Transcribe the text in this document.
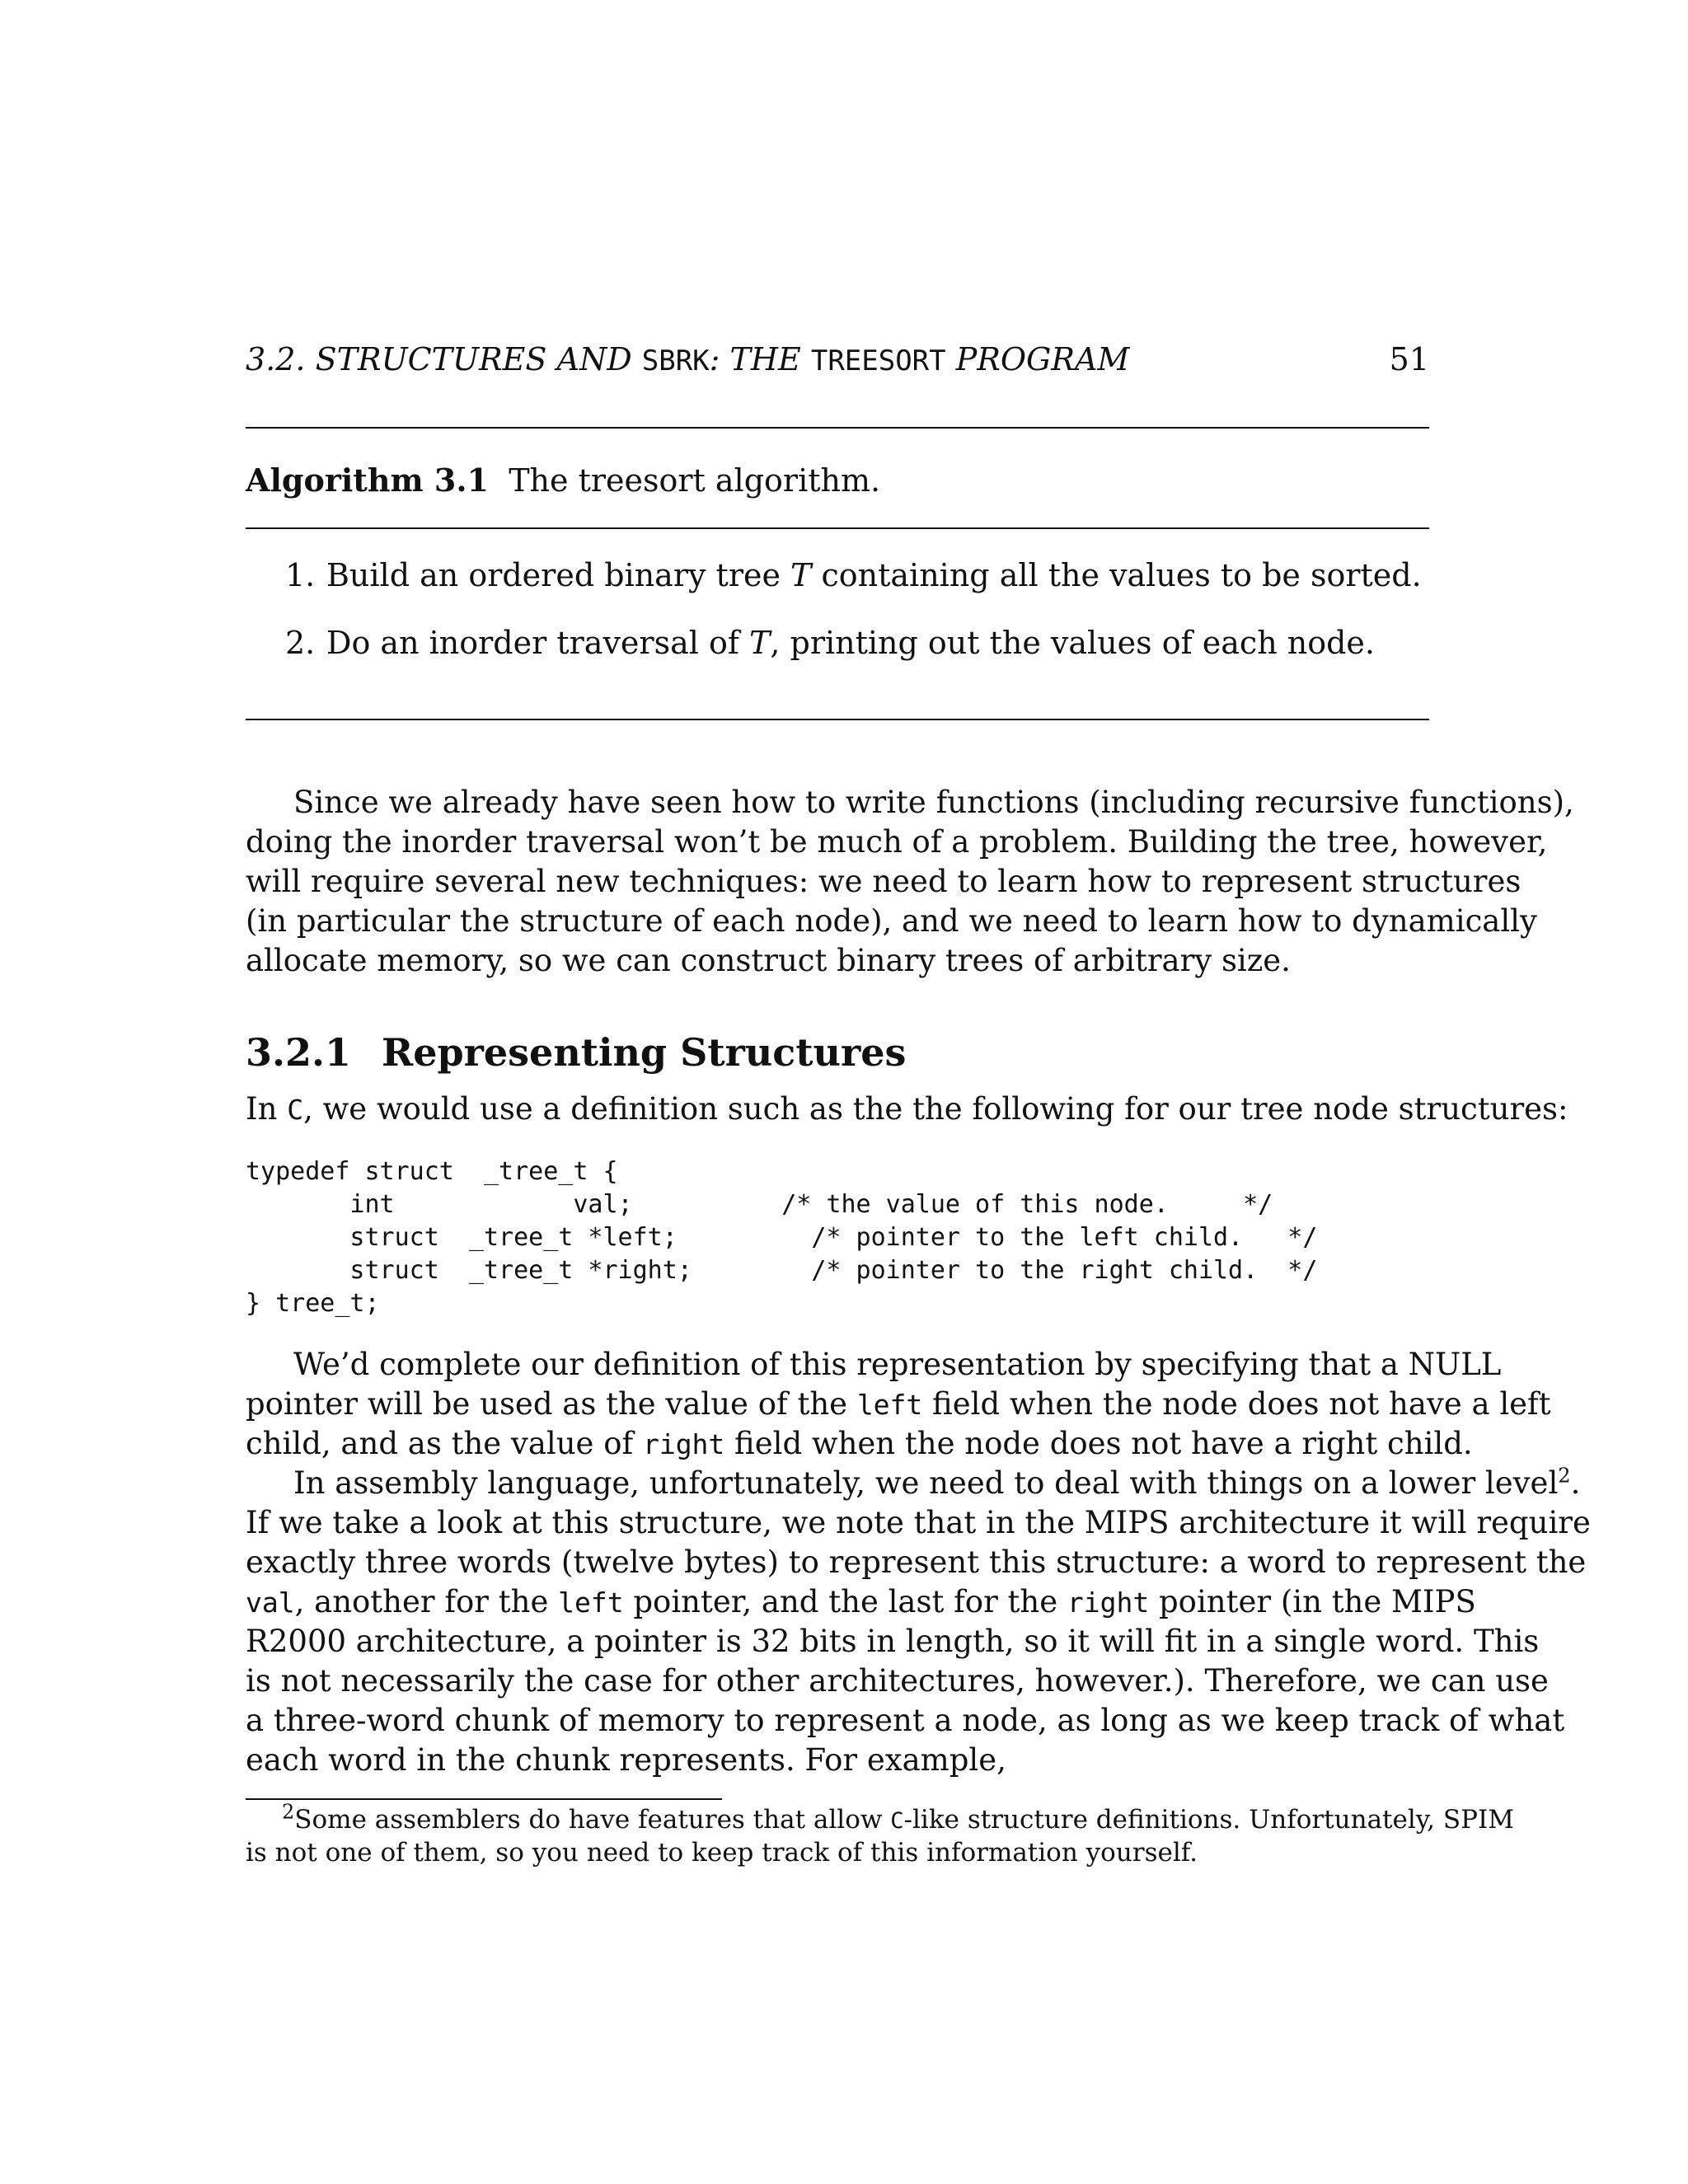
3.2. STRUCTURES AND SBRK: THE TREESORT PROGRAM	51
Algorithm 3.1 The treesort algorithm.
1. Build an ordered binary tree T containing all the values to be sorted.
2. Do an inorder traversal of T, printing out the values of each node.
Since we already have seen how to write functions (including recursive functions),
doing the inorder traversal won’t be much of a problem. Building the tree, however,
will require several new techniques: we need to learn how to represent structures
(in particular the structure of each node), and we need to learn how to dynamically
allocate memory, so we can construct binary trees of arbitrary size.
3.2.1 Representing Structures
In C, we would use a definition such as the the following for our tree node structures:
typedef struct  _tree_t {
int            val;          /* the value of this node.     */
struct  _tree_t *left;         /* pointer to the left child.   */
struct  _tree_t *right;        /* pointer to the right child.  */
} tree_t;
We’d complete our definition of this representation by specifying that a NULL
pointer will be used as the value of the left field when the node does not have a left
child, and as the value of right field when the node does not have a right child.
In assembly language, unfortunately, we need to deal with things on a lower level$^2$.
If we take a look at this structure, we note that in the MIPS architecture it will require
exactly three words (twelve bytes) to represent this structure: a word to represent the
val, another for the left pointer, and the last for the right pointer (in the MIPS
R2000 architecture, a pointer is 32 bits in length, so it will fit in a single word. This
is not necessarily the case for other architectures, however.). Therefore, we can use
a three-word chunk of memory to represent a node, as long as we keep track of what
each word in the chunk represents. For example,
$^2$Some assemblers do have features that allow C-like structure definitions. Unfortunately, SPIM
is not one of them, so you need to keep track of this information yourself.
